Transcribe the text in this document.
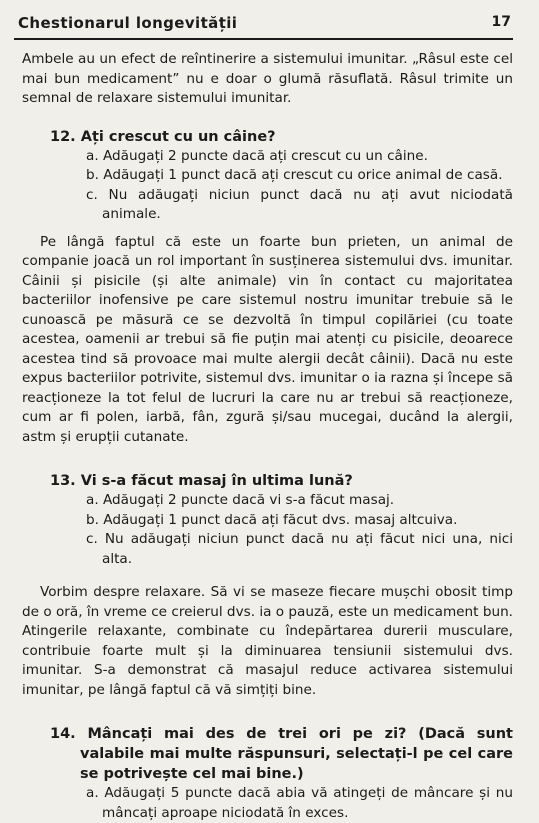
Chestionarul longevității	17

Ambele au un efect de reîntinerire a sistemului imunitar. „Râsul este cel mai bun medicament” nu e doar o glumă răsuflată. Râsul trimite un semnal de relaxare sistemului imunitar.

12. Ați crescut cu un câine?
a. Adăugați 2 puncte dacă ați crescut cu un câine.
b. Adăugați 1 punct dacă ați crescut cu orice animal de casă.
c. Nu adăugați niciun punct dacă nu ați avut niciodată animale.

Pe lângă faptul că este un foarte bun prieten, un animal de companie joacă un rol important în susținerea sistemului dvs. imunitar. Câinii și pisicile (și alte animale) vin în contact cu majoritatea bacteriilor inofensive pe care sistemul nostru imunitar trebuie să le cunoască pe măsură ce se dezvoltă în timpul copilăriei (cu toate acestea, oamenii ar trebui să fie puțin mai atenți cu pisicile, deoarece acestea tind să provoace mai multe alergii decât câinii). Dacă nu este expus bacteriilor potrivite, sistemul dvs. imunitar o ia razna și începe să reacționeze la tot felul de lucruri la care nu ar trebui să reacționeze, cum ar fi polen, iarbă, fân, zgură și/sau mucegai, ducând la alergii, astm și erupții cutanate.

13. Vi s-a făcut masaj în ultima lună?
a. Adăugați 2 puncte dacă vi s-a făcut masaj.
b. Adăugați 1 punct dacă ați făcut dvs. masaj altcuiva.
c. Nu adăugați niciun punct dacă nu ați făcut nici una, nici alta.

Vorbim despre relaxare. Să vi se maseze fiecare mușchi obosit timp de o oră, în vreme ce creierul dvs. ia o pauză, este un medicament bun. Atingerile relaxante, combinate cu îndepărtarea durerii musculare, contribuie foarte mult și la diminuarea tensiunii sistemului dvs. imunitar. S-a demonstrat că masajul reduce activarea sistemului imunitar, pe lângă faptul că vă simțiți bine.

14. Mâncați mai des de trei ori pe zi? (Dacă sunt valabile mai multe răspunsuri, selectați-l pe cel care se potrivește cel mai bine.)
a. Adăugați 5 puncte dacă abia vă atingeți de mâncare și nu mâncați aproape niciodată în exces.
